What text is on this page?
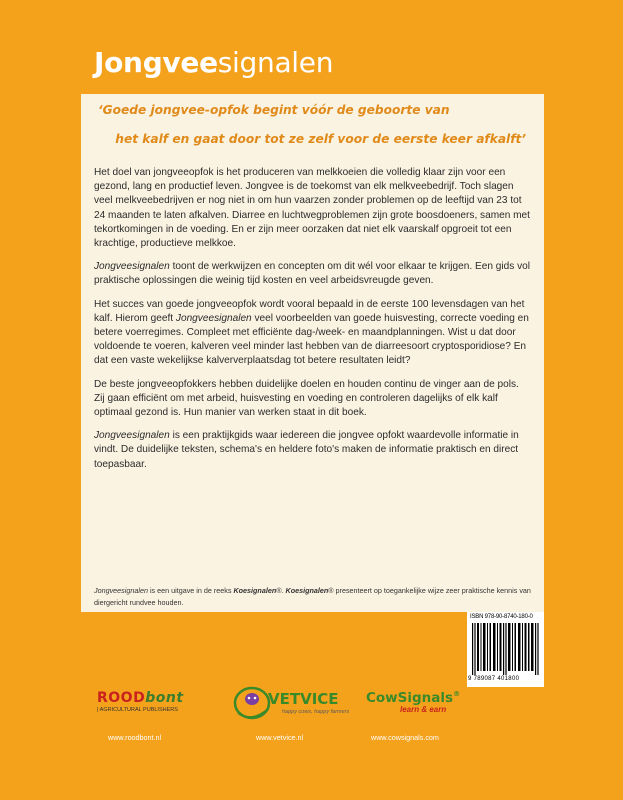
Jongveesignalen
‘Goede jongvee-opfok begint vóór de geboorte van
het kalf en gaat door tot ze zelf voor de eerste keer afkalft’

Het doel van jongveeopfok is het produceren van melkkoeien die volledig klaar zijn voor een gezond, lang en productief leven. Jongvee is de toekomst van elk melkveebedrijf. Toch slagen veel melkveebedrijven er nog niet in om hun vaarzen zonder problemen op de leeftijd van 23 tot 24 maanden te laten afkalven. Diarree en luchtwegproblemen zijn grote boosdoeners, samen met tekortkomingen in de voeding. En er zijn meer oorzaken dat niet elk vaarskalf opgroeit tot een krachtige, productieve melkkoe.

Jongveesignalen toont de werkwijzen en concepten om dit wél voor elkaar te krijgen. Een gids vol praktische oplossingen die weinig tijd kosten en veel arbeidsvreugde geven.

Het succes van goede jongveeopfok wordt vooral bepaald in de eerste 100 levensdagen van het kalf. Hierom geeft Jongveesignalen veel voorbeelden van goede huisvesting, correcte voeding en betere voerregimes. Compleet met efficiënte dag-/week- en maandplanningen. Wist u dat door voldoende te voeren, kalveren veel minder last hebben van de diarreesoort cryptosporidiose? En dat een vaste wekelijkse kalververplaatsdag tot betere resultaten leidt?

De beste jongveeopfokkers hebben duidelijke doelen en houden continu de vinger aan de pols. Zij gaan efficiënt om met arbeid, huisvesting en voeding en controleren dagelijks of elk kalf optimaal gezond is. Hun manier van werken staat in dit boek.

Jongveesignalen is een praktijkgids waar iedereen die jongvee opfokt waardevolle informatie in vindt. De duidelijke teksten, schema's en heldere foto's maken de informatie praktisch en direct toepasbaar.

Jongveesignalen is een uitgave in de reeks Koesignalen®. Koesignalen® presenteert op toegankelijke wijze zeer praktische kennis van diergericht rundvee houden.
ISBN 978-90-8740-180-0
9 789087 401800
ROODbont
| AGRICULTURAL PUBLISHERS
VETVICE
happy cows, happy farmers
CowSignals®
learn & earn
www.roodbont.nl	www.vetvice.nl	www.cowsignals.com
